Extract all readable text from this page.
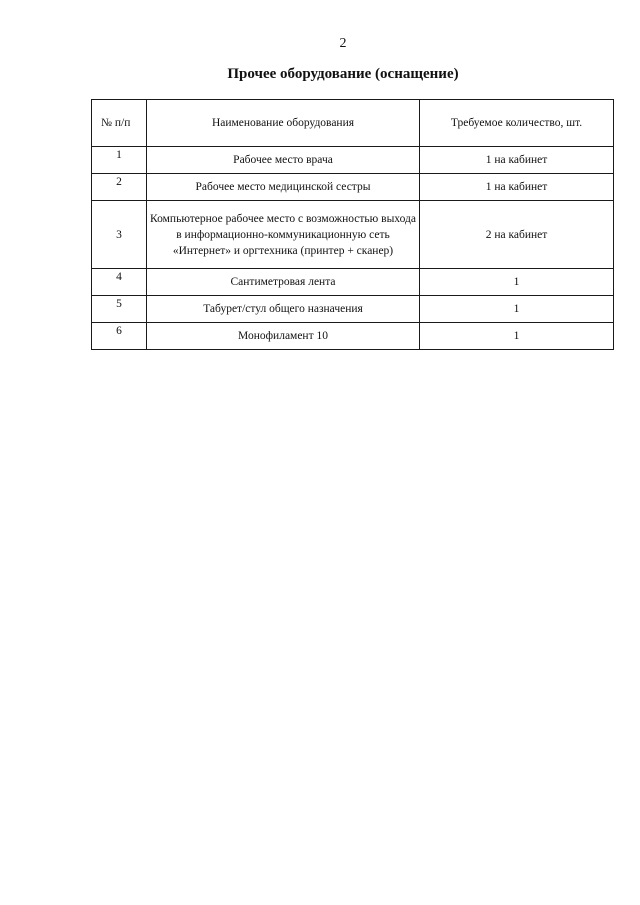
2
Прочее оборудование (оснащение)
№ п/п	Наименование оборудования	Требуемое количество, шт.
1	Рабочее место врача	1 на кабинет
2	Рабочее место медицинской сестры	1 на кабинет
3	Компьютерное рабочее место с возможностью выхода в информационно-коммуникационную сеть «Интернет» и оргтехника (принтер + сканер)	2 на кабинет
4	Сантиметровая лента	1
5	Табурет/стул общего назначения	1
6	Монофиламент 10	1
